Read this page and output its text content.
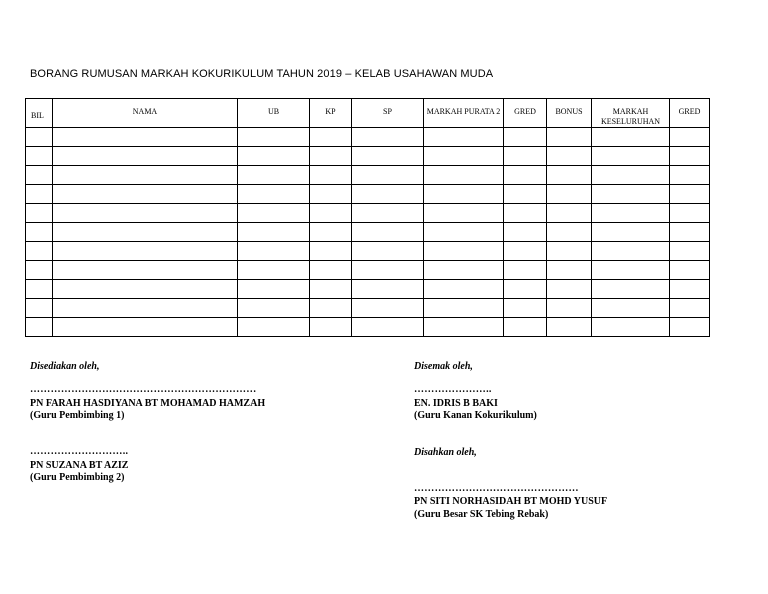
BORANG RUMUSAN MARKAH KOKURIKULUM TAHUN 2019 – KELAB USAHAWAN MUDA
BIL	NAMA	UB	KP	SP	MARKAH PURATA 2	GRED	BONUS	MARKAH KESELURUHAN	GRED

Disediakan oleh,
…………………………………………………………
PN FARAH HASDIYANA BT MOHAMAD HAMZAH
(Guru Pembimbing 1)
………………………..
PN SUZANA BT AZIZ
(Guru Pembimbing 2)
Disemak oleh,
…………………..
EN. IDRIS B BAKI
(Guru Kanan Kokurikulum)
Disahkan oleh,
…………………………………………
PN SITI NORHASIDAH BT MOHD YUSUF
(Guru Besar SK Tebing Rebak)
